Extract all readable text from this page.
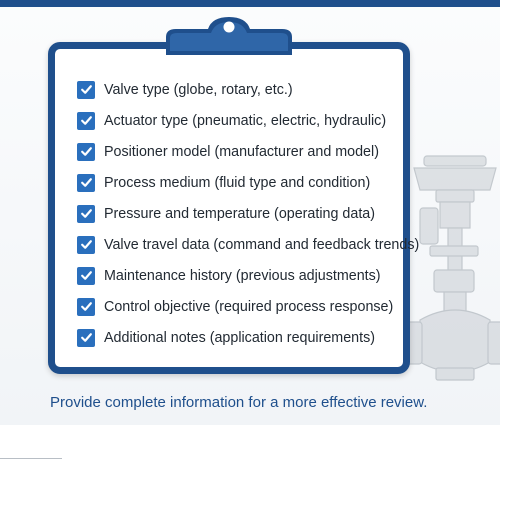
Valve type (globe, rotary, etc.)
Actuator type (pneumatic, electric, hydraulic)
Positioner model (manufacturer and model)
Process medium (fluid type and condition)
Pressure and temperature (operating data)
Valve travel data (command and feedback trends)
Maintenance history (previous adjustments)
Control objective (required process response)
Additional notes (application requirements)
Provide complete information for a more effective review.
